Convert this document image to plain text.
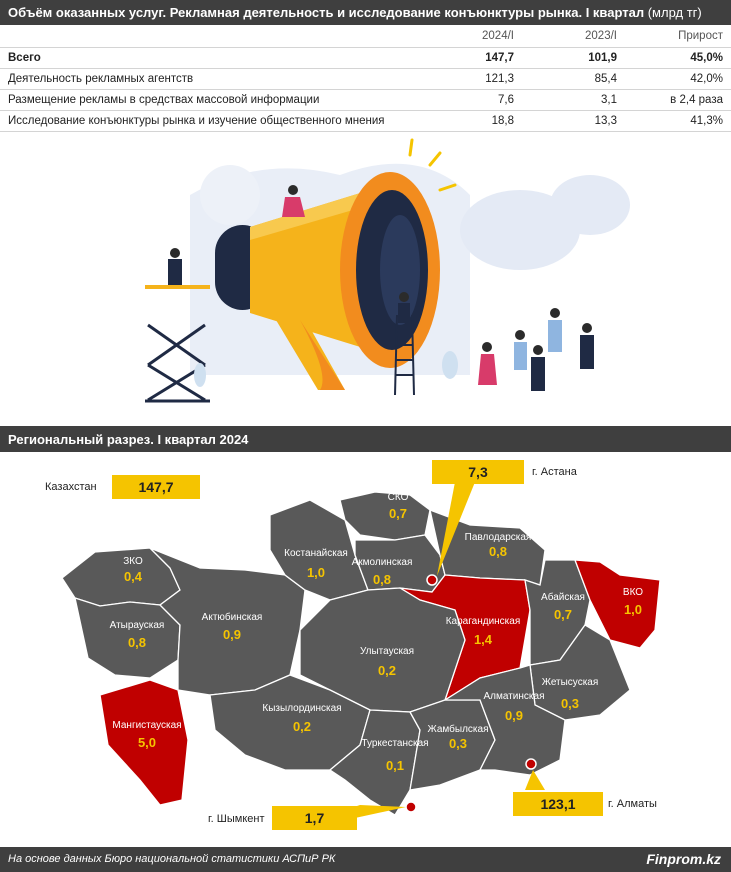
Объём оказанных услуг. Рекламная деятельность и исследование конъюнктуры рынка. I квартал (млрд тг)
	2024/I	2023/I	Прирост
Всего	147,7	101,9	45,0%
Деятельность рекламных агентств	121,3	85,4	42,0%
Размещение рекламы в средствах массовой информации	7,6	3,1	в 2,4 раза
Исследование конъюнктуры рынка и изучение общественного мнения	18,8	13,3	41,3%
Региональный разрез. I квартал 2024
СКО
0,7
Павлодарская
0,8
Костанайская
1,0
Акмолинская
0,8
ЗКО
0,4
ВКО
1,0
Абайская
0,7
Актюбинская
0,9
Атырауская
0,8
Карагандинская
1,4
Улытауская
0,2
Жетысуская
0,3
Мангистауская
5,0
Кызылординская
0,2
Алматинская
0,9
Жамбылская
0,3
Туркестанская
0,1
Казахстан	147,7
7,3	г. Астана
г. Шымкент	1,7
123,1	г. Алматы
На основе данных Бюро национальной статистики АСПиР РК	Finprom.kz
